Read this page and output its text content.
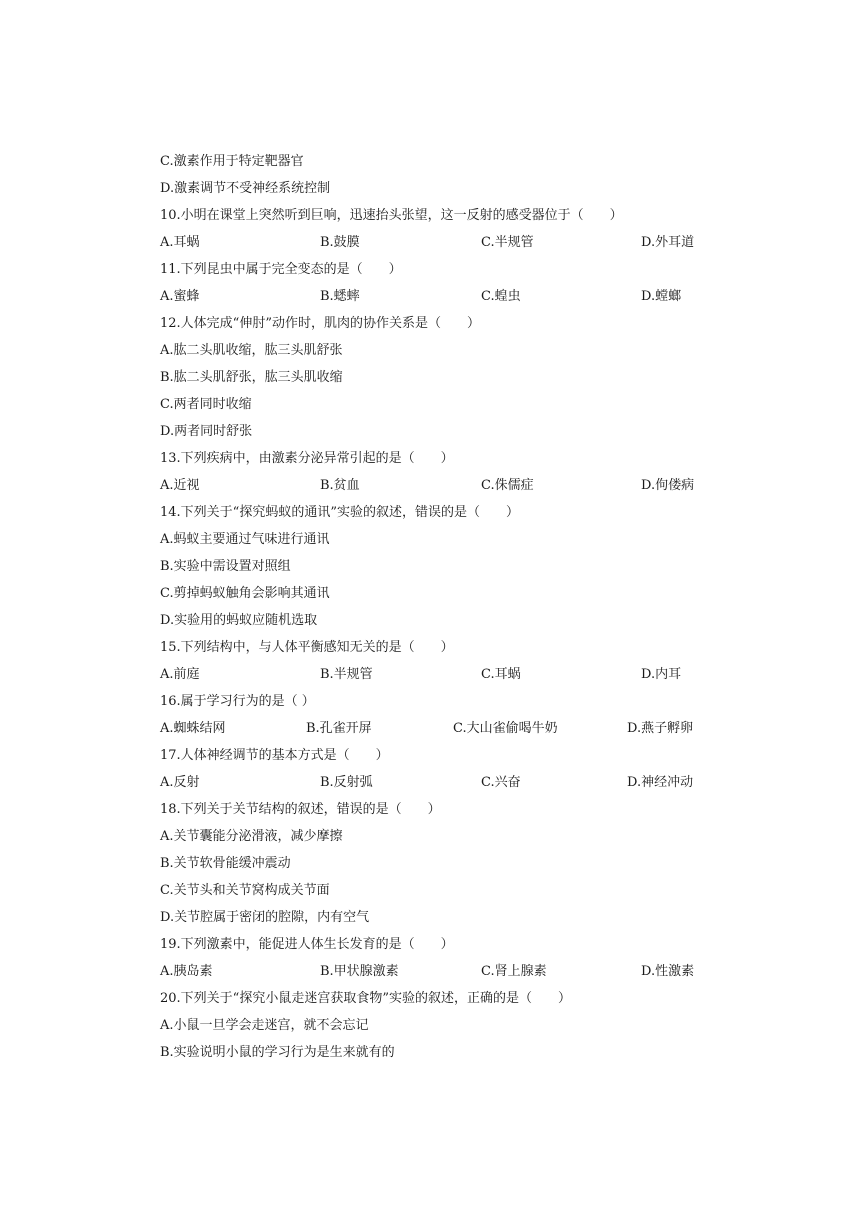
C.激素作用于特定靶器官
D.激素调节不受神经系统控制
10.小明在课堂上突然听到巨响，迅速抬头张望，这一反射的感受器位于（　　）
A.耳蜗	B.鼓膜	C.半规管	D.外耳道
11.下列昆虫中属于完全变态的是（　　）
A.蜜蜂	B.蟋蟀	C.蝗虫	D.螳螂
12.人体完成“伸肘”动作时，肌肉的协作关系是（　　）
A.肱二头肌收缩，肱三头肌舒张
B.肱二头肌舒张，肱三头肌收缩
C.两者同时收缩
D.两者同时舒张
13.下列疾病中，由激素分泌异常引起的是（　　）
A.近视	B.贫血	C.侏儒症	D.佝偻病
14.下列关于“探究蚂蚁的通讯”实验的叙述，错误的是（　　）
A.蚂蚁主要通过气味进行通讯
B.实验中需设置对照组
C.剪掉蚂蚁触角会影响其通讯
D.实验用的蚂蚁应随机选取
15.下列结构中，与人体平衡感知无关的是（　　）
A.前庭	B.半规管	C.耳蜗	D.内耳
16.属于学习行为的是（ ）
A.蜘蛛结网	B.孔雀开屏	C.大山雀偷喝牛奶	D.燕子孵卵
17.人体神经调节的基本方式是（　　）
A.反射	B.反射弧	C.兴奋	D.神经冲动
18.下列关于关节结构的叙述，错误的是（　　）
A.关节囊能分泌滑液，减少摩擦
B.关节软骨能缓冲震动
C.关节头和关节窝构成关节面
D.关节腔属于密闭的腔隙，内有空气
19.下列激素中，能促进人体生长发育的是（　　）
A.胰岛素	B.甲状腺激素	C.肾上腺素	D.性激素
20.下列关于“探究小鼠走迷宫获取食物”实验的叙述，正确的是（　　）
A.小鼠一旦学会走迷宫，就不会忘记
B.实验说明小鼠的学习行为是生来就有的
